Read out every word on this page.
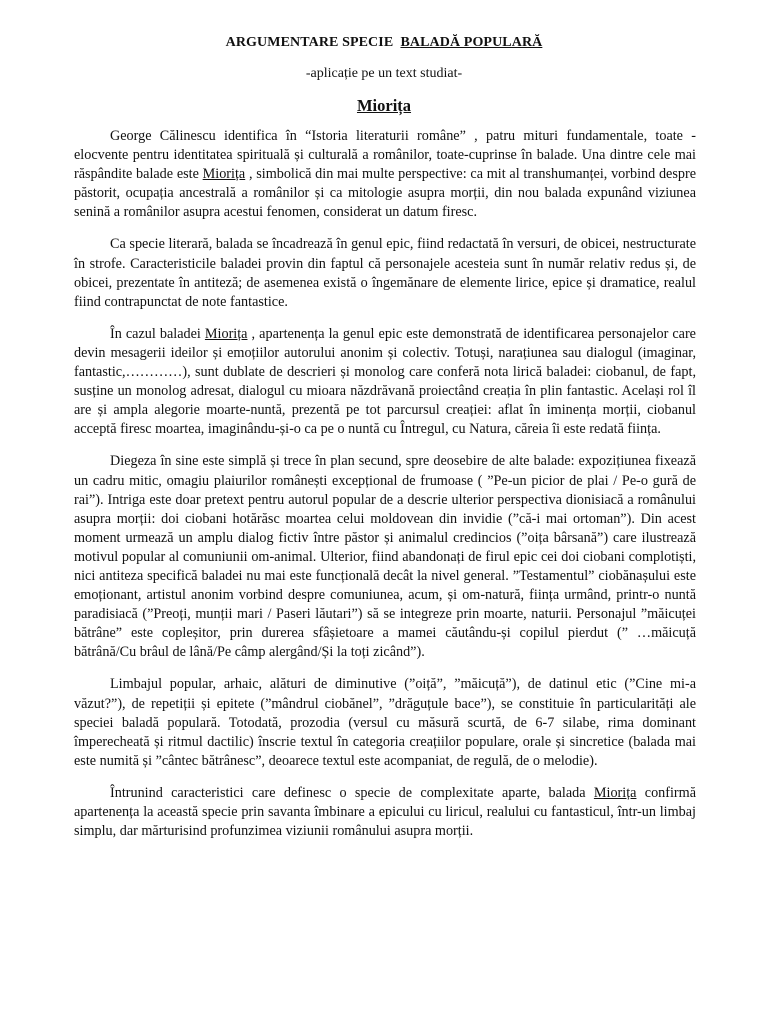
ARGUMENTARE SPECIE BALADĂ POPULARĂ
-aplicație pe un text studiat-
Miorița

George Călinescu identifica în “Istoria literaturii române” , patru mituri fundamentale, toate - elocvente pentru identitatea spirituală și culturală a românilor, toate-cuprinse în balade. Una dintre cele mai răspândite balade este Miorița , simbolică din mai multe perspective: ca mit al transhumanței, vorbind despre păstorit, ocupația ancestrală a românilor și ca mitologie asupra morții, din nou balada expunând viziunea senină a românilor asupra acestui fenomen, considerat un datum firesc.

Ca specie literară, balada se încadrează în genul epic, fiind redactată în versuri, de obicei, nestructurate în strofe. Caracteristicile baladei provin din faptul că personajele acesteia sunt în număr relativ redus și, de obicei, prezentate în antiteză; de asemenea există o îngemănare de elemente lirice, epice și dramatice, realul fiind contrapunctat de note fantastice.

În cazul baladei Miorița , apartenența la genul epic este demonstrată de identificarea personajelor care devin mesagerii ideilor și emoțiilor autorului anonim și colectiv. Totuși, narațiunea sau dialogul (imaginar, fantastic,…………), sunt dublate de descrieri și monolog care conferă nota lirică baladei: ciobanul, de fapt, susține un monolog adresat, dialogul cu mioara năzdrăvană proiectând creația în plin fantastic. Același rol îl are și ampla alegorie moarte-nuntă, prezentă pe tot parcursul creației: aflat în iminența morții, ciobanul acceptă firesc moartea, imaginându-și-o ca pe o nuntă cu Întregul, cu Natura, căreia îi este redată ființa.

Diegeza în sine este simplă și trece în plan secund, spre deosebire de alte balade: expozițiunea fixează un cadru mitic, omagiu plaiurilor românești excepțional de frumoase ( ”Pe-un picior de plai / Pe-o gură de rai”). Intriga este doar pretext pentru autorul popular de a descrie ulterior perspectiva dionisiacă a românului asupra morții: doi ciobani hotărăsc moartea celui moldovean din invidie (”că-i mai ortoman”). Din acest moment urmează un amplu dialog fictiv între păstor și animalul credincios (”oița bârsană”) care ilustrează motivul popular al comuniunii om-animal. Ulterior, fiind abandonați de firul epic cei doi ciobani complotiști, nici antiteza specifică baladei nu mai este funcțională decât la nivel general. ”Testamentul” ciobănașului este emoționant, artistul anonim vorbind despre comuniunea, acum, și om-natură, ființa urmând, printr-o nuntă paradisiacă (”Preoți, munții mari / Paseri lăutari”) să se integreze prin moarte, naturii. Personajul ”măicuței bătrâne” este copleșitor, prin durerea sfâșietoare a mamei căutându-și copilul pierdut (” …măicuță bătrână/Cu brâul de lână/Pe câmp alergând/Și la toți zicând”).

Limbajul popular, arhaic, alături de diminutive (”oiță”, ”măicuță”), de datinul etic (”Cine mi-a văzut?”), de repetiții și epitete (”mândrul ciobănel”, ”drăguțule bace”), se constituie în particularități ale speciei baladă populară. Totodată, prozodia (versul cu măsură scurtă, de 6-7 silabe, rima dominant împerecheată și ritmul dactilic) înscrie textul în categoria creațiilor populare, orale și sincretice (balada mai este numită și ”cântec bătrânesc”, deoarece textul este acompaniat, de regulă, de o melodie).

Întrunind caracteristici care definesc o specie de complexitate aparte, balada Miorița confirmă apartenența la această specie prin savanta îmbinare a epicului cu liricul, realului cu fantasticul, într-un limbaj simplu, dar mărturisind profunzimea viziunii românului asupra morții.
